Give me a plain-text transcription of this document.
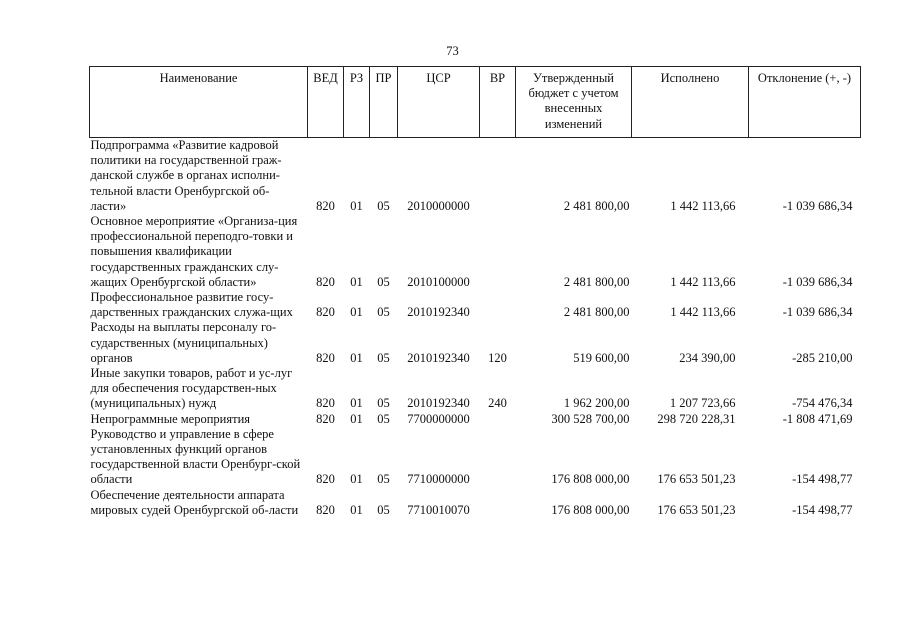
73
Наименование	ВЕД	РЗ	ПР	ЦСР	ВР	Утвержденный бюджет с учетом внесенных изменений	Исполнено	Отклонение (+, -)
Подпрограмма «Развитие кадровой политики на государственной граж-данской службе в органах исполни-тельной власти Оренбургской об-ласти»	820	01	05	2010000000		2 481 800,00	1 442 113,66	-1 039 686,34
Основное мероприятие «Организа-ция профессиональной переподго-товки и повышения квалификации государственных гражданских слу-жащих Оренбургской области»	820	01	05	2010100000		2 481 800,00	1 442 113,66	-1 039 686,34
Профессиональное развитие госу-дарственных гражданских служа-щих	820	01	05	2010192340		2 481 800,00	1 442 113,66	-1 039 686,34
Расходы на выплаты персоналу го-сударственных (муниципальных) органов	820	01	05	2010192340	120	519 600,00	234 390,00	-285 210,00
Иные закупки товаров, работ и ус-луг для обеспечения государствен-ных (муниципальных) нужд	820	01	05	2010192340	240	1 962 200,00	1 207 723,66	-754 476,34
Непрограммные мероприятия	820	01	05	7700000000		300 528 700,00	298 720 228,31	-1 808 471,69
Руководство и управление в сфере установленных функций органов государственной власти Оренбург-ской области	820	01	05	7710000000		176 808 000,00	176 653 501,23	-154 498,77
Обеспечение деятельности аппарата мировых судей Оренбургской об-ласти	820	01	05	7710010070		176 808 000,00	176 653 501,23	-154 498,77
